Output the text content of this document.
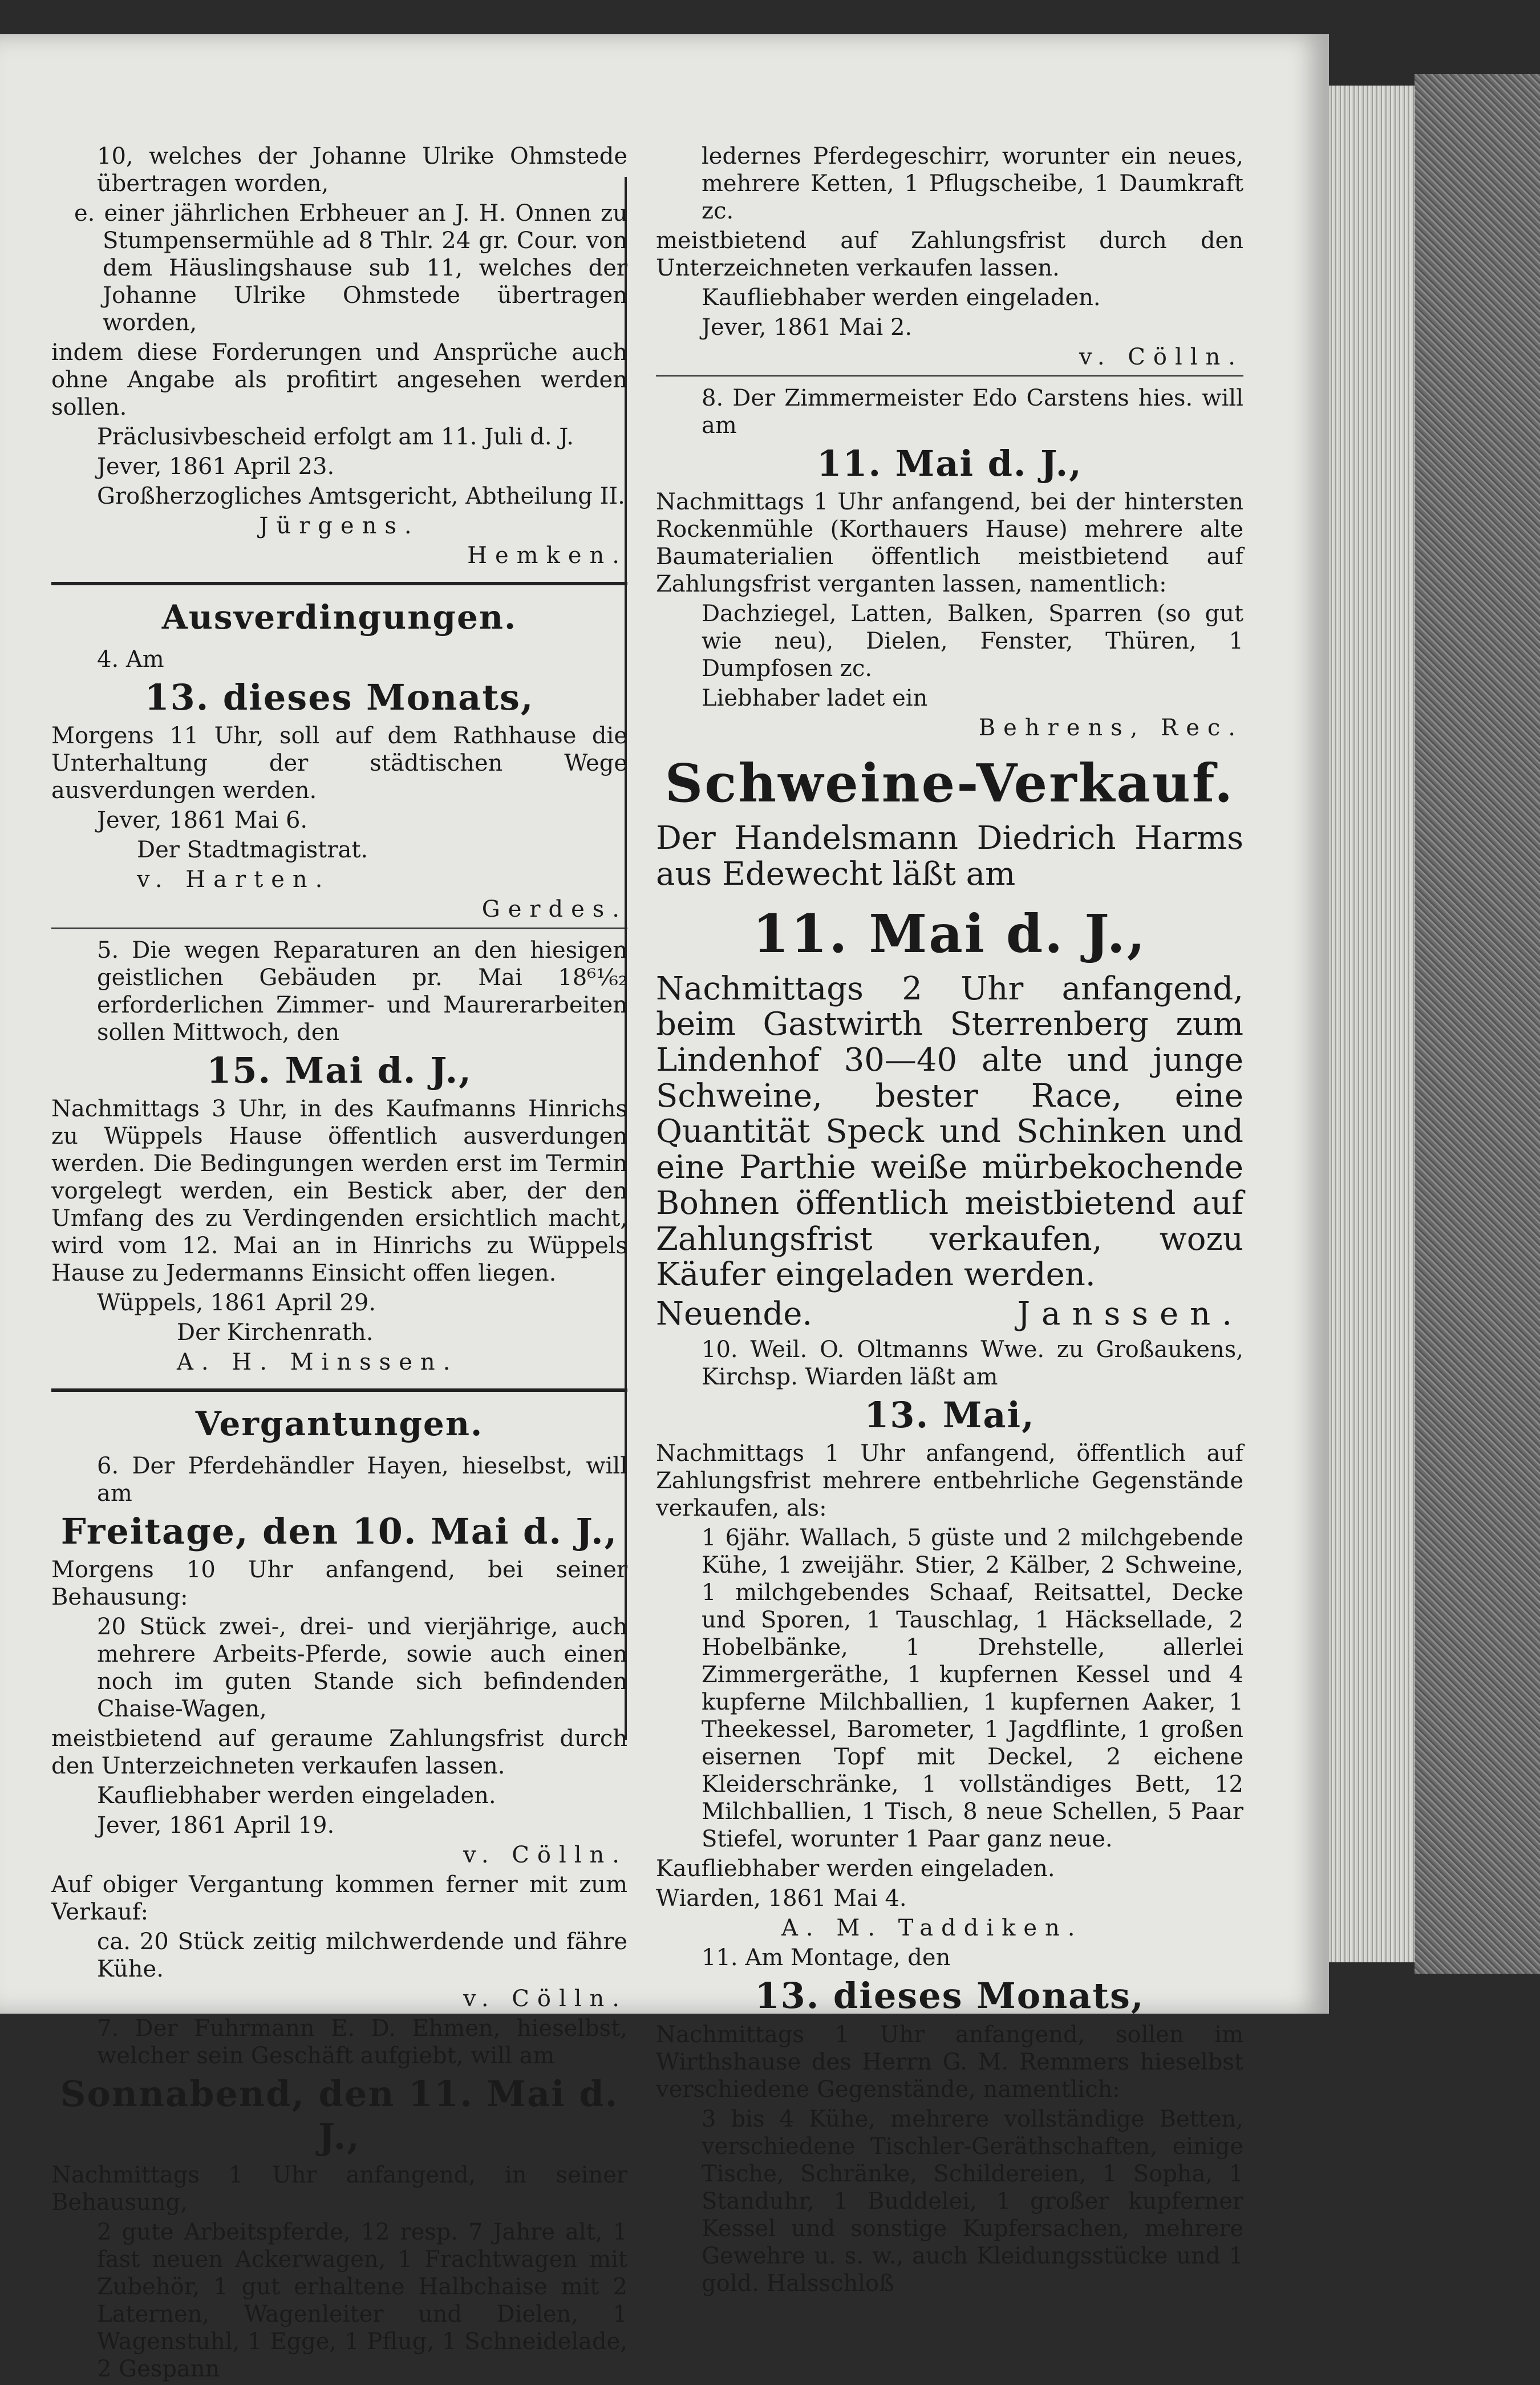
10, welches der Johanne Ulrike Ohmstede übertragen worden,

e. einer jährlichen Erbheuer an J. H. Onnen zu Stumpensermühle ad 8 Thlr. 24 gr. Cour. von dem Häuslingshause sub 11, welches der Johanne Ulrike Ohmstede übertragen worden,

indem diese Forderungen und Ansprüche auch ohne Angabe als profitirt angesehen werden sollen.

Präclusivbescheid erfolgt am 11. Juli d. J.

Jever, 1861 April 23.

Großherzogliches Amtsgericht, Abtheilung II.

Jürgens.

Hemken.

Ausverdingungen.

4. Am

13. dieses Monats,

Morgens 11 Uhr, soll auf dem Rathhause die Unterhaltung der städtischen Wege ausverdungen werden.

Jever, 1861 Mai 6.

Der Stadtmagistrat.

v. Harten.

Gerdes.

5. Die wegen Reparaturen an den hiesigen geistlichen Gebäuden pr. Mai 18⁶¹⁄₆₂ erforderlichen Zimmer- und Maurerarbeiten sollen Mittwoch, den

15. Mai d. J.,

Nachmittags 3 Uhr, in des Kaufmanns Hinrichs zu Wüppels Hause öffentlich ausverdungen werden. Die Bedingungen werden erst im Termin vorgelegt werden, ein Bestick aber, der den Umfang des zu Verdingenden ersichtlich macht, wird vom 12. Mai an in Hinrichs zu Wüppels Hause zu Jedermanns Einsicht offen liegen.

Wüppels, 1861 April 29.

Der Kirchenrath.

A. H. Minssen.

Vergantungen.

6. Der Pferdehändler Hayen, hieselbst, will am

Freitage, den 10. Mai d. J.,

Morgens 10 Uhr anfangend, bei seiner Behausung:

20 Stück zwei-, drei- und vierjährige, auch mehrere Arbeits-Pferde, sowie auch einen noch im guten Stande sich befindenden Chaise-Wagen,

meistbietend auf geraume Zahlungsfrist durch den Unterzeichneten verkaufen lassen.

Kaufliebhaber werden eingeladen.

Jever, 1861 April 19.

v. Cölln.

Auf obiger Vergantung kommen ferner mit zum Verkauf:

ca. 20 Stück zeitig milchwerdende und fähre Kühe.

v. Cölln.

7. Der Fuhrmann E. D. Ehmen, hieselbst, welcher sein Geschäft aufgiebt, will am

Sonnabend, den 11. Mai d. J.,

Nachmittags 1 Uhr anfangend, in seiner Behausung,

2 gute Arbeitspferde, 12 resp. 7 Jahre alt, 1 fast neuen Ackerwagen, 1 Frachtwagen mit Zubehör, 1 gut erhaltene Halbchaise mit 2 Laternen, Wagenleiter und Dielen, 1 Wagenstuhl, 1 Egge, 1 Pflug, 1 Schneidelade, 2 Gespann

ledernes Pferdegeschirr, worunter ein neues, mehrere Ketten, 1 Pflugscheibe, 1 Daumkraft zc.

meistbietend auf Zahlungsfrist durch den Unterzeichneten verkaufen lassen.

Kaufliebhaber werden eingeladen.

Jever, 1861 Mai 2.

v. Cölln.

8. Der Zimmermeister Edo Carstens hies. will am

11. Mai d. J.,

Nachmittags 1 Uhr anfangend, bei der hintersten Rockenmühle (Korthauers Hause) mehrere alte Baumaterialien öffentlich meistbietend auf Zahlungsfrist verganten lassen, namentlich:

Dachziegel, Latten, Balken, Sparren (so gut wie neu), Dielen, Fenster, Thüren, 1 Dumpfosen zc.

Liebhaber ladet ein

Behrens, Rec.

Schweine-Verkauf.

Der Handelsmann Diedrich Harms aus Edewecht läßt am

11. Mai d. J.,

Nachmittags 2 Uhr anfangend, beim Gastwirth Sterrenberg zum Lindenhof 30—40 alte und junge Schweine, bester Race, eine Quantität Speck und Schinken und eine Parthie weiße mürbekochende Bohnen öffentlich meistbietend auf Zahlungsfrist verkaufen, wozu Käufer eingeladen werden.

Neuende.	Janssen.

10. Weil. O. Oltmanns Wwe. zu Großaukens, Kirchsp. Wiarden läßt am

13. Mai,

Nachmittags 1 Uhr anfangend, öffentlich auf Zahlungsfrist mehrere entbehrliche Gegenstände verkaufen, als:

1 6jähr. Wallach, 5 güste und 2 milchgebende Kühe, 1 zweijähr. Stier, 2 Kälber, 2 Schweine, 1 milchgebendes Schaaf, Reitsattel, Decke und Sporen, 1 Tauschlag, 1 Häcksellade, 2 Hobelbänke, 1 Drehstelle, allerlei Zimmergeräthe, 1 kupfernen Kessel und 4 kupferne Milchballien, 1 kupfernen Aaker, 1 Theekessel, Barometer, 1 Jagdflinte, 1 großen eisernen Topf mit Deckel, 2 eichene Kleiderschränke, 1 vollständiges Bett, 12 Milchballien, 1 Tisch, 8 neue Schellen, 5 Paar Stiefel, worunter 1 Paar ganz neue.

Kaufliebhaber werden eingeladen.

Wiarden, 1861 Mai 4.

A. M. Taddiken.

11. Am Montage, den

13. dieses Monats,

Nachmittags 1 Uhr anfangend, sollen im Wirthshause des Herrn G. M. Remmers hieselbst verschiedene Gegenstände, namentlich:

3 bis 4 Kühe, mehrere vollständige Betten, verschiedene Tischler-Geräthschaften, einige Tische, Schränke, Schildereien, 1 Sopha, 1 Standuhr, 1 Buddelei, 1 großer kupferner Kessel und sonstige Kupfersachen, mehrere Gewehre u. s. w., auch Kleidungsstücke und 1 gold. Halsschloß
